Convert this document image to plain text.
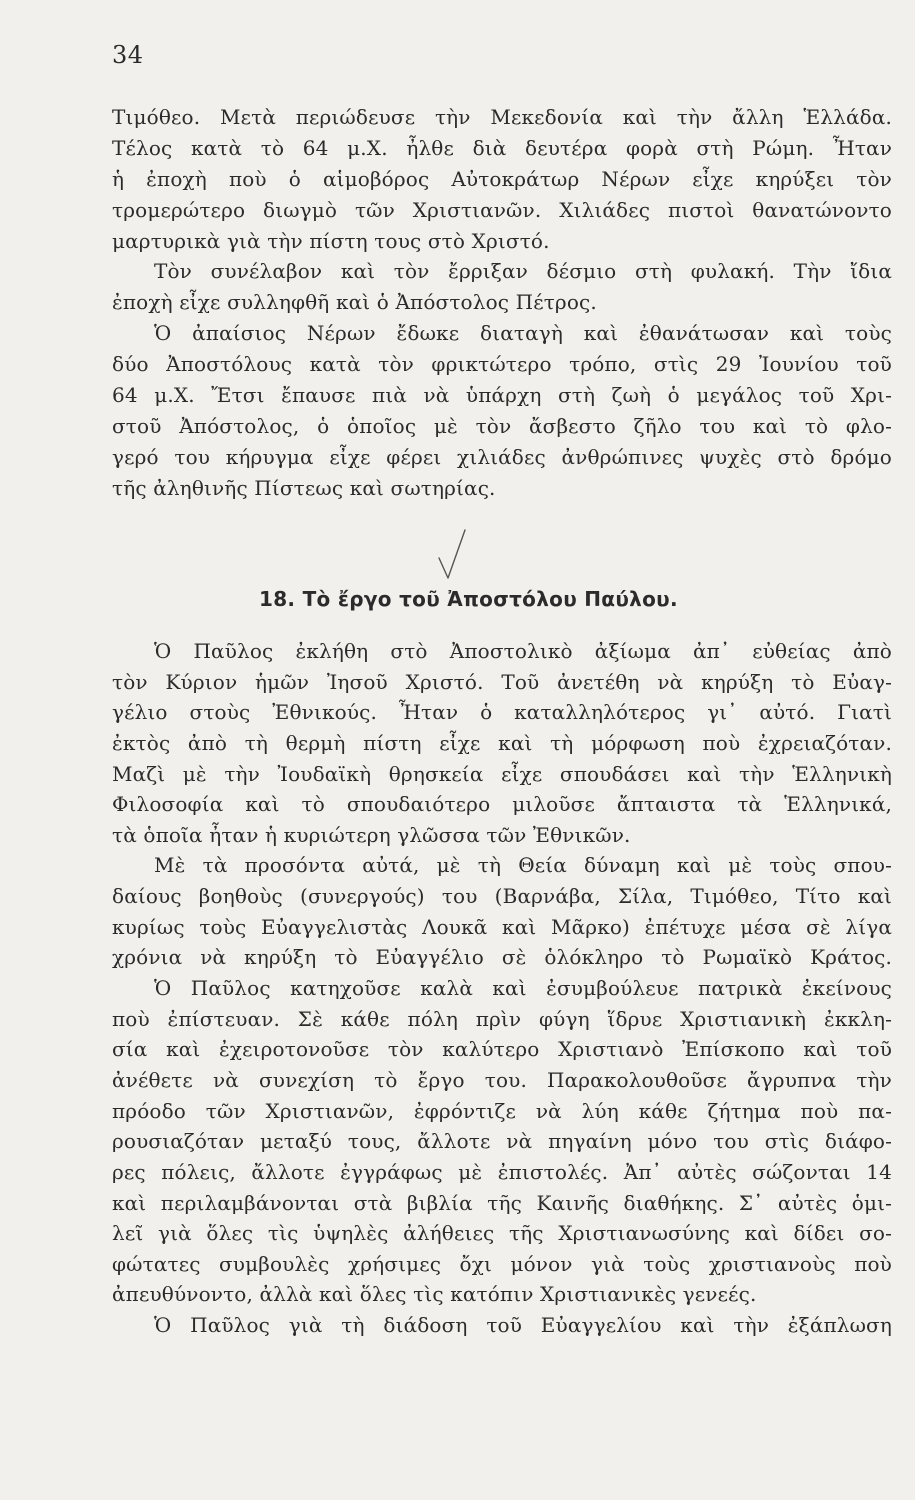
34
Τιμόθεο. Μετὰ περιώδευσε τὴν Μεκεδονία καὶ τὴν ἄλλη Ἑλλάδα.
Τέλος κατὰ τὸ 64 μ.Χ. ἦλθε διὰ δευτέρα φορὰ στὴ Ρώμη. Ἦταν
ἡ ἐποχὴ ποὺ ὁ αἱμοβόρος Αὐτοκράτωρ Νέρων εἶχε κηρύξει τὸν
τρομερώτερο διωγμὸ τῶν Χριστιανῶν. Χιλιάδες πιστοὶ θανατώνοντο
μαρτυρικὰ γιὰ τὴν πίστη τους στὸ Χριστό.
Τὸν συνέλαβον καὶ τὸν ἔρριξαν δέσμιο στὴ φυλακή. Τὴν ἴδια
ἐποχὴ εἶχε συλληφθῆ καὶ ὁ Ἀπόστολος Πέτρος.
Ὁ ἀπαίσιος Νέρων ἔδωκε διαταγὴ καὶ ἐθανάτωσαν καὶ τοὺς
δύο Ἀποστόλους κατὰ τὸν φρικτώτερο τρόπο, στὶς 29 Ἰουνίου τοῦ
64 μ.Χ. Ἔτσι ἔπαυσε πιὰ νὰ ὑπάρχη στὴ ζωὴ ὁ μεγάλος τοῦ Χρι-
στοῦ Ἀπόστολος, ὁ ὁποῖος μὲ τὸν ἄσβεστο ζῆλο του καὶ τὸ φλο-
γερό του κήρυγμα εἶχε φέρει χιλιάδες ἀνθρώπινες ψυχὲς στὸ δρόμο
τῆς ἀληθινῆς Πίστεως καὶ σωτηρίας.
18. Τὸ ἔργο τοῦ Ἀποστόλου Παύλου.
Ὁ Παῦλος ἐκλήθη στὸ Ἀποστολικὸ ἀξίωμα ἀπ᾿ εὐθείας ἀπὸ
τὸν Κύριον ἡμῶν Ἰησοῦ Χριστό. Τοῦ ἀνετέθη νὰ κηρύξη τὸ Εὐαγ-
γέλιο στοὺς Ἐθνικούς. Ἦταν ὁ καταλληλότερος γι᾿ αὐτό. Γιατὶ
ἐκτὸς ἀπὸ τὴ θερμὴ πίστη εἶχε καὶ τὴ μόρφωση ποὺ ἐχρειαζόταν.
Μαζὶ μὲ τὴν Ἰουδαϊκὴ θρησκεία εἶχε σπουδάσει καὶ τὴν Ἑλληνικὴ
Φιλοσοφία καὶ τὸ σπουδαιότερο μιλοῦσε ἄπταιστα τὰ Ἑλληνικά,
τὰ ὁποῖα ἦταν ἡ κυριώτερη γλῶσσα τῶν Ἐθνικῶν.
Μὲ τὰ προσόντα αὐτά, μὲ τὴ Θεία δύναμη καὶ μὲ τοὺς σπου-
δαίους βοηθοὺς (συνεργούς) του (Βαρνάβα, Σίλα, Τιμόθεο, Τίτο καὶ
κυρίως τοὺς Εὐαγγελιστὰς Λουκᾶ καὶ Μᾶρκο) ἐπέτυχε μέσα σὲ λίγα
χρόνια νὰ κηρύξη τὸ Εὐαγγέλιο σὲ ὁλόκληρο τὸ Ρωμαϊκὸ Κράτος.
Ὁ Παῦλος κατηχοῦσε καλὰ καὶ ἐσυμβούλευε πατρικὰ ἐκείνους
ποὺ ἐπίστευαν. Σὲ κάθε πόλη πρὶν φύγη ἵδρυε Χριστιανικὴ ἐκκλη-
σία καὶ ἐχειροτονοῦσε τὸν καλύτερο Χριστιανὸ Ἐπίσκοπο καὶ τοῦ
ἀνέθετε νὰ συνεχίση τὸ ἔργο του. Παρακολουθοῦσε ἄγρυπνα τὴν
πρόοδο τῶν Χριστιανῶν, ἐφρόντιζε νὰ λύη κάθε ζήτημα ποὺ πα-
ρουσιαζόταν μεταξύ τους, ἄλλοτε νὰ πηγαίνη μόνο του στὶς διάφο-
ρες πόλεις, ἄλλοτε ἐγγράφως μὲ ἐπιστολές. Ἀπ᾿ αὐτὲς σώζονται 14
καὶ περιλαμβάνονται στὰ βιβλία τῆς Καινῆς διαθήκης. Σ᾿ αὐτὲς ὁμι-
λεῖ γιὰ ὅλες τὶς ὑψηλὲς ἀλήθειες τῆς Χριστιανωσύνης καὶ δίδει σο-
φώτατες συμβουλὲς χρήσιμες ὄχι μόνον γιὰ τοὺς χριστιανοὺς ποὺ
ἀπευθύνοντο, ἀλλὰ καὶ ὅλες τὶς κατόπιν Χριστιανικὲς γενεές.
Ὁ Παῦλος γιὰ τὴ διάδοση τοῦ Εὐαγγελίου καὶ τὴν ἐξάπλωση
